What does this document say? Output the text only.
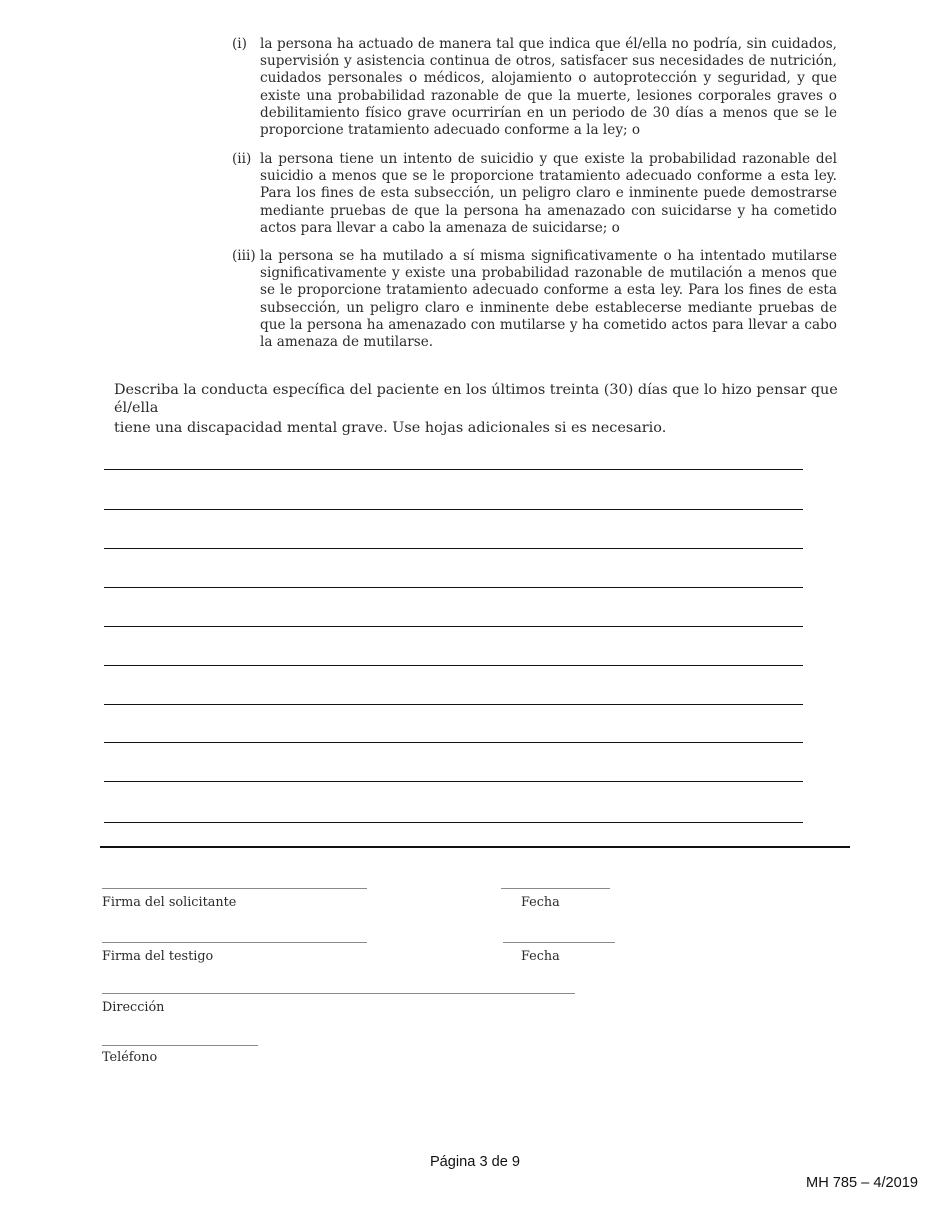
(i) la persona ha actuado de manera tal que indica que él/ella no podría, sin cuidados, supervisión y asistencia continua de otros, satisfacer sus necesidades de nutrición, cuidados personales o médicos, alojamiento o autoprotección y seguridad, y que existe una probabilidad razonable de que la muerte, lesiones corporales graves o debilitamiento físico grave ocurrirían en un periodo de 30 días a menos que se le proporcione tratamiento adecuado conforme a la ley; o
(ii) la persona tiene un intento de suicidio y que existe la probabilidad razonable del suicidio a menos que se le proporcione tratamiento adecuado conforme a esta ley. Para los fines de esta subsección, un peligro claro e inminente puede demostrarse mediante pruebas de que la persona ha amenazado con suicidarse y ha cometido actos para llevar a cabo la amenaza de suicidarse; o
(iii) la persona se ha mutilado a sí misma significativamente o ha intentado mutilarse significativamente y existe una probabilidad razonable de mutilación a menos que se le proporcione tratamiento adecuado conforme a esta ley. Para los fines de esta subsección, un peligro claro e inminente debe establecerse mediante pruebas de que la persona ha amenazado con mutilarse y ha cometido actos para llevar a cabo la amenaza de mutilarse.
Describa la conducta específica del paciente en los últimos treinta (30) días que lo hizo pensar que él/ella
tiene una discapacidad mental grave. Use hojas adicionales si es necesario.
Firma del solicitante	Fecha
Firma del testigo	Fecha
Dirección
Teléfono
Página 3 de 9
MH 785 – 4/2019
